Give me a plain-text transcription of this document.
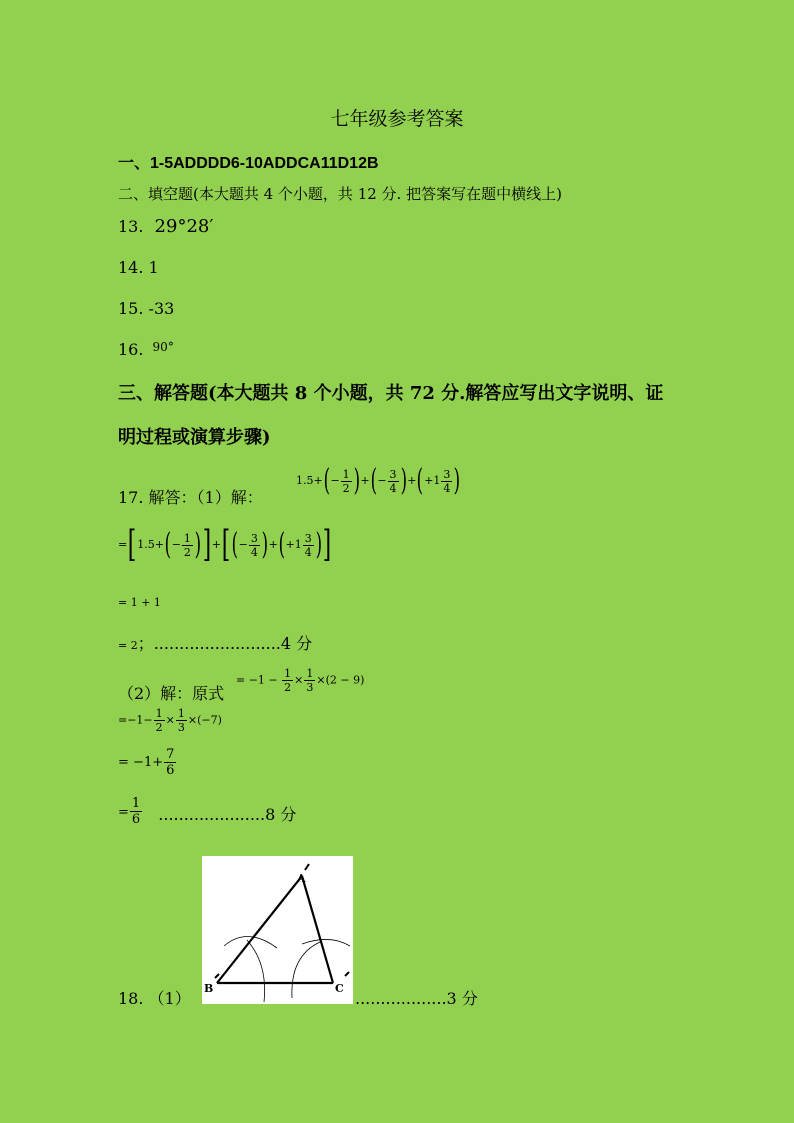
七年级参考答案
一、1-5ADDDD6-10ADDCA11D12B
二、填空题(本大题共 4 个小题，共 12 分. 把答案写在题中横线上)
13. 29°28′
14. 1
15. -33
16. $^{90^\circ}$
三、解答题(本大题共 8 个小题，共 72 分.解答应写出文字说明、证
明过程或演算步骤)
17. 解答：（1）解：
$1.5+(- \frac{1}{2}$ )+(− $\frac{3}{4} )+(+1 \frac{3}{4}$ )
$=[1.5+(- \frac{1}{2}$ )]+[(− $\frac{3}{4} )+(+1 \frac{3}{4}$ )]
= 1 + 1
= 2；.........................4 分
（2）解：原式
= $-1 - \frac{1}{2} \times \frac{1}{3} \times(2 - 9)$
$=-1- \frac{1}{2} \times \frac{1}{3} \times(-7)$
= $-1+ \frac{7}{6}$
= $\frac{1}{6} .....................8$ 分
A
B	C
18. （1）	..................3 分
